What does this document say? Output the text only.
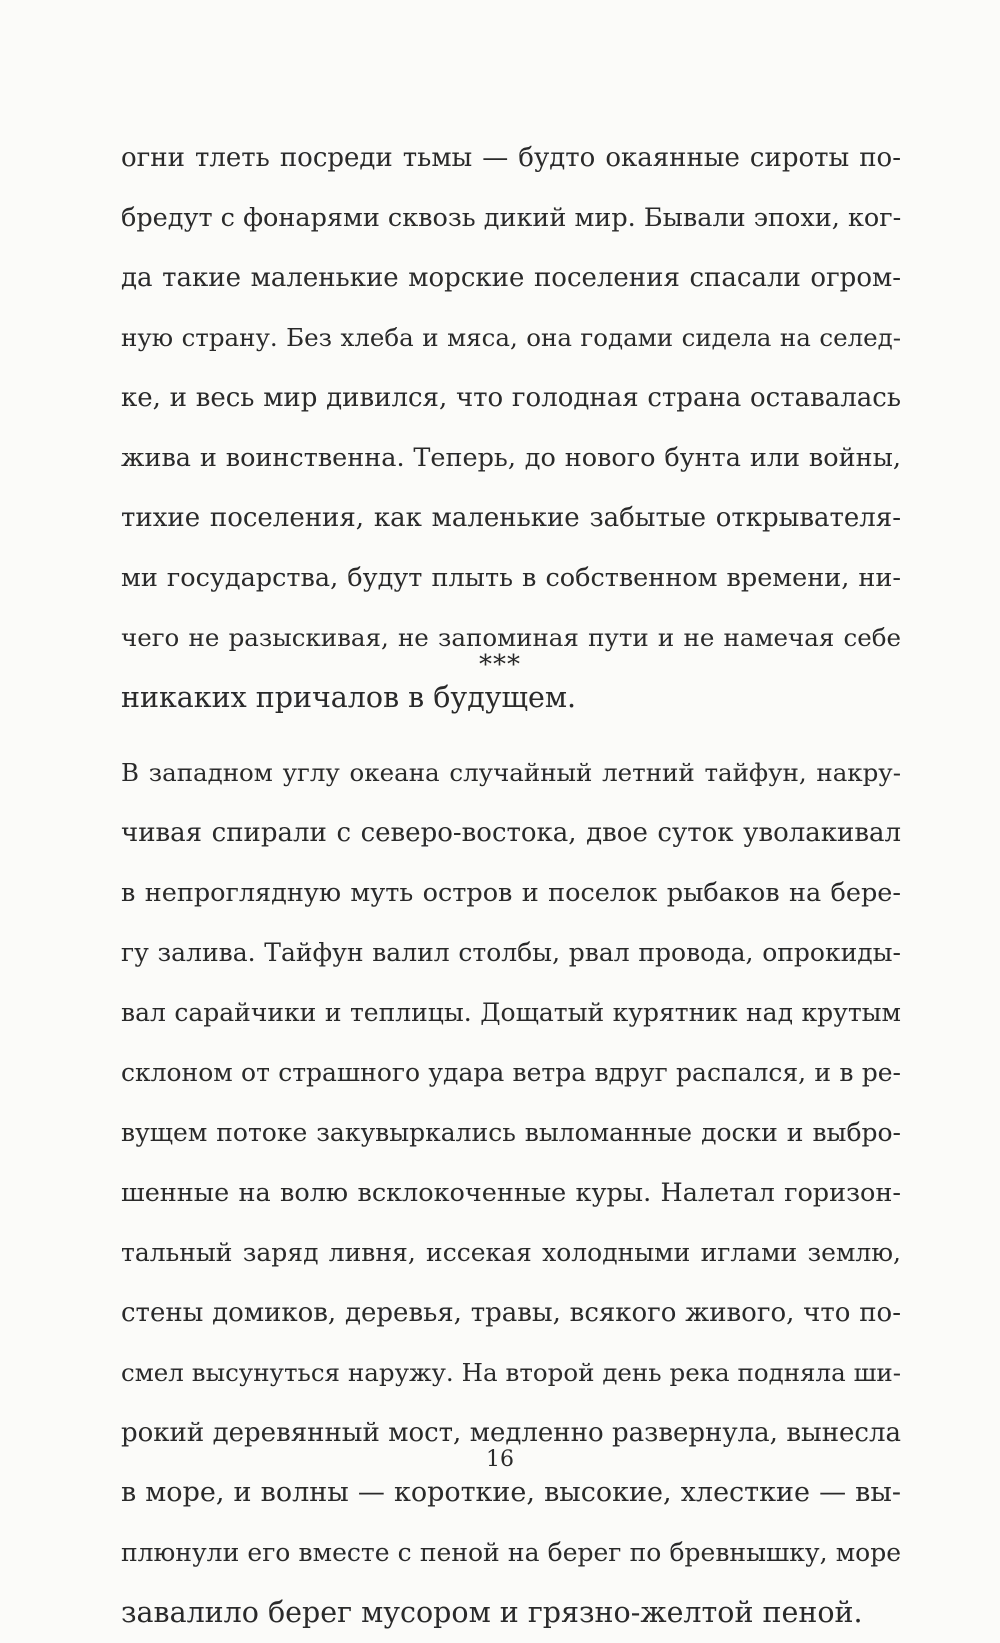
огни тлеть посреди тьмы — будто окаянные сироты по-
бредут с фонарями сквозь дикий мир. Бывали эпохи, ког-
да такие маленькие морские поселения спасали огром-
ную страну. Без хлеба и мяса, она годами сидела на селед-
ке, и весь мир дивился, что голодная страна оставалась
жива и воинственна. Теперь, до нового бунта или войны,
тихие поселения, как маленькие забытые открывателя-
ми государства, будут плыть в собственном времени, ни-
чего не разыскивая, не запоминая пути и не намечая себе
никаких причалов в будущем.
***
В западном углу океана случайный летний тайфун, накру-
чивая спирали с северо-востока, двое суток уволакивал
в непроглядную муть остров и поселок рыбаков на бере-
гу залива. Тайфун валил столбы, рвал провода, опрокиды-
вал сарайчики и теплицы. Дощатый курятник над крутым
склоном от страшного удара ветра вдруг распался, и в ре-
вущем потоке закувыркались выломанные доски и выбро-
шенные на волю всклокоченные куры. Налетал горизон-
тальный заряд ливня, иссекая холодными иглами землю,
стены домиков, деревья, травы, всякого живого, что по-
смел высунуться наружу. На второй день река подняла ши-
рокий деревянный мост, медленно развернула, вынесла
в море, и волны — короткие, высокие, хлесткие — вы-
плюнули его вместе с пеной на берег по бревнышку, море
завалило берег мусором и грязно-желтой пеной.
16
